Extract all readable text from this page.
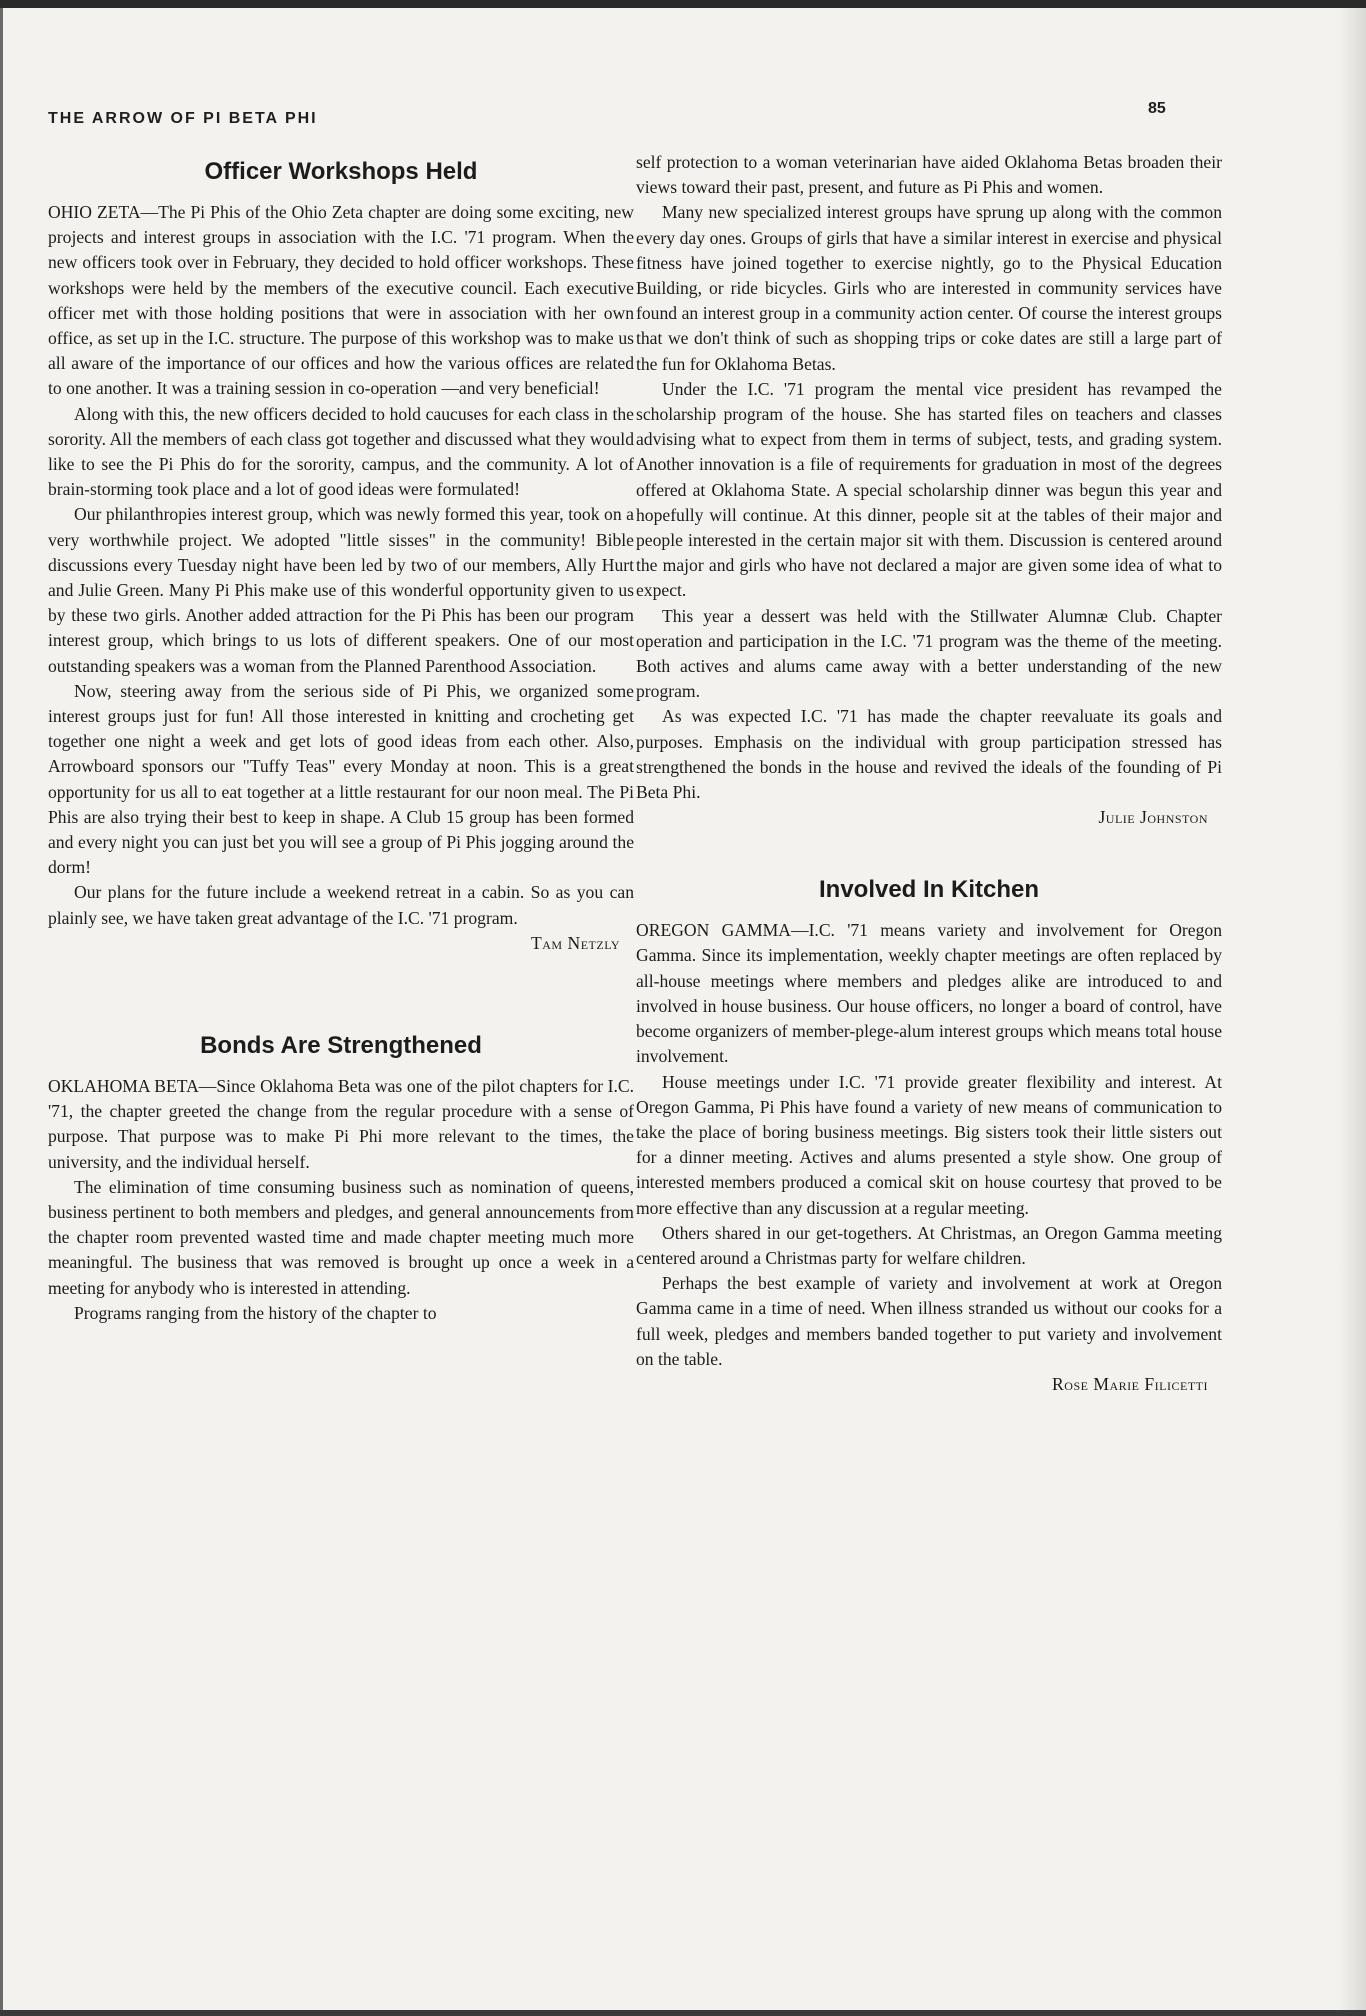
THE ARROW OF PI BETA PHI
85
Officer Workshops Held

OHIO ZETA—The Pi Phis of the Ohio Zeta chapter are doing some exciting, new projects and interest groups in association with the I.C. '71 program. When the new officers took over in February, they decided to hold officer workshops. These workshops were held by the members of the executive council. Each executive officer met with those holding positions that were in association with her own office, as set up in the I.C. structure. The purpose of this workshop was to make us all aware of the importance of our offices and how the various offices are related to one another. It was a training session in co-operation —and very beneficial!

Along with this, the new officers decided to hold caucuses for each class in the sorority. All the members of each class got together and discussed what they would like to see the Pi Phis do for the sorority, campus, and the community. A lot of brain-storming took place and a lot of good ideas were formulated!

Our philanthropies interest group, which was newly formed this year, took on a very worthwhile project. We adopted "little sisses" in the community! Bible discussions every Tuesday night have been led by two of our members, Ally Hurt and Julie Green. Many Pi Phis make use of this wonderful opportunity given to us by these two girls. Another added attraction for the Pi Phis has been our program interest group, which brings to us lots of different speakers. One of our most outstanding speakers was a woman from the Planned Parenthood Association.

Now, steering away from the serious side of Pi Phis, we organized some interest groups just for fun! All those interested in knitting and crocheting get together one night a week and get lots of good ideas from each other. Also, Arrowboard sponsors our "Tuffy Teas" every Monday at noon. This is a great opportunity for us all to eat together at a little restaurant for our noon meal. The Pi Phis are also trying their best to keep in shape. A Club 15 group has been formed and every night you can just bet you will see a group of Pi Phis jogging around the dorm!

Our plans for the future include a weekend retreat in a cabin. So as you can plainly see, we have taken great advantage of the I.C. '71 program.

Tam Netzly
Bonds Are Strengthened

OKLAHOMA BETA—Since Oklahoma Beta was one of the pilot chapters for I.C. '71, the chapter greeted the change from the regular procedure with a sense of purpose. That purpose was to make Pi Phi more relevant to the times, the university, and the individual herself.

The elimination of time consuming business such as nomination of queens, business pertinent to both members and pledges, and general announcements from the chapter room prevented wasted time and made chapter meeting much more meaningful. The business that was removed is brought up once a week in a meeting for anybody who is interested in attending.

Programs ranging from the history of the chapter to

self protection to a woman veterinarian have aided Oklahoma Betas broaden their views toward their past, present, and future as Pi Phis and women.

Many new specialized interest groups have sprung up along with the common every day ones. Groups of girls that have a similar interest in exercise and physical fitness have joined together to exercise nightly, go to the Physical Education Building, or ride bicycles. Girls who are interested in community services have found an interest group in a community action center. Of course the interest groups that we don't think of such as shopping trips or coke dates are still a large part of the fun for Oklahoma Betas.

Under the I.C. '71 program the mental vice president has revamped the scholarship program of the house. She has started files on teachers and classes advising what to expect from them in terms of subject, tests, and grading system. Another innovation is a file of requirements for graduation in most of the degrees offered at Oklahoma State. A special scholarship dinner was begun this year and hopefully will continue. At this dinner, people sit at the tables of their major and people interested in the certain major sit with them. Discussion is centered around the major and girls who have not declared a major are given some idea of what to expect.

This year a dessert was held with the Stillwater Alumnæ Club. Chapter operation and participation in the I.C. '71 program was the theme of the meeting. Both actives and alums came away with a better understanding of the new program.

As was expected I.C. '71 has made the chapter reevaluate its goals and purposes. Emphasis on the individual with group participation stressed has strengthened the bonds in the house and revived the ideals of the founding of Pi Beta Phi.

Julie Johnston
Involved In Kitchen

OREGON GAMMA—I.C. '71 means variety and involvement for Oregon Gamma. Since its implementation, weekly chapter meetings are often replaced by all-house meetings where members and pledges alike are introduced to and involved in house business. Our house officers, no longer a board of control, have become organizers of member-plege-alum interest groups which means total house involvement.

House meetings under I.C. '71 provide greater flexibility and interest. At Oregon Gamma, Pi Phis have found a variety of new means of communication to take the place of boring business meetings. Big sisters took their little sisters out for a dinner meeting. Actives and alums presented a style show. One group of interested members produced a comical skit on house courtesy that proved to be more effective than any discussion at a regular meeting.

Others shared in our get-togethers. At Christmas, an Oregon Gamma meeting centered around a Christmas party for welfare children.

Perhaps the best example of variety and involvement at work at Oregon Gamma came in a time of need. When illness stranded us without our cooks for a full week, pledges and members banded together to put variety and involvement on the table.

Rose Marie Filicetti
